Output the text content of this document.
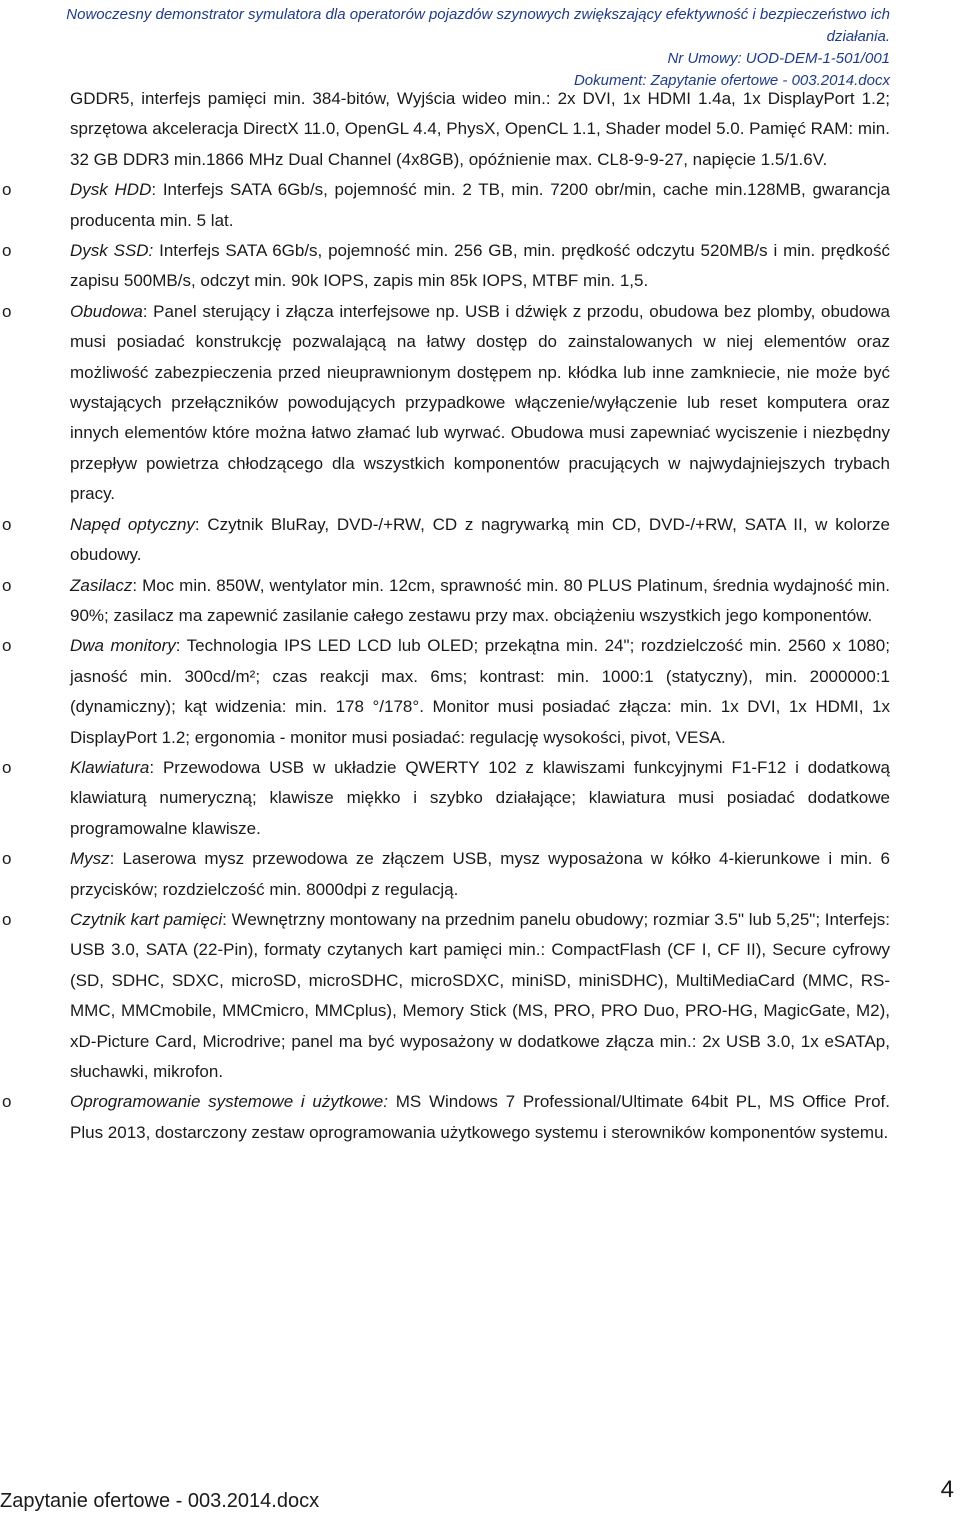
Nowoczesny demonstrator symulatora dla operatorów pojazdów szynowych zwiększający efektywność i bezpieczeństwo ich działania.
Nr Umowy: UOD-DEM-1-501/001
Dokument: Zapytanie ofertowe - 003.2014.docx
GDDR5, interfejs pamięci min. 384-bitów, Wyjścia wideo min.: 2x DVI, 1x HDMI 1.4a, 1x DisplayPort 1.2; sprzętowa akceleracja DirectX 11.0, OpenGL 4.4, PhysX, OpenCL 1.1, Shader model 5.0. Pamięć RAM: min. 32 GB DDR3 min.1866 MHz Dual Channel (4x8GB), opóźnienie max. CL8-9-9-27, napięcie 1.5/1.6V.
o	Dysk HDD: Interfejs SATA 6Gb/s, pojemność min. 2 TB, min. 7200 obr/min, cache min.128MB, gwarancja producenta min. 5 lat.
o	Dysk SSD: Interfejs SATA 6Gb/s, pojemność min. 256 GB, min. prędkość odczytu 520MB/s i min. prędkość zapisu 500MB/s, odczyt min. 90k IOPS, zapis min 85k IOPS, MTBF min. 1,5.
o	Obudowa: Panel sterujący i złącza interfejsowe np. USB i dźwięk z przodu, obudowa bez plomby, obudowa musi posiadać konstrukcję pozwalającą na łatwy dostęp do zainstalowanych w niej elementów oraz możliwość zabezpieczenia przed nieuprawnionym dostępem np. kłódka lub inne zamkniecie, nie może być wystających przełączników powodujących przypadkowe włączenie/wyłączenie lub reset komputera oraz innych elementów które można łatwo złamać lub wyrwać. Obudowa musi zapewniać wyciszenie i niezbędny przepływ powietrza chłodzącego dla wszystkich komponentów pracujących w najwydajniejszych trybach pracy.
o	Napęd optyczny: Czytnik BluRay, DVD-/+RW, CD z nagrywarką min CD, DVD-/+RW, SATA II, w kolorze obudowy.
o	Zasilacz: Moc min. 850W, wentylator min. 12cm, sprawność min. 80 PLUS Platinum, średnia wydajność min. 90%; zasilacz ma zapewnić zasilanie całego zestawu przy max. obciążeniu wszystkich jego komponentów.
o	Dwa monitory: Technologia IPS LED LCD lub OLED; przekątna min. 24"; rozdzielczość min. 2560 x 1080; jasność min. 300cd/m²; czas reakcji max. 6ms; kontrast: min. 1000:1 (statyczny), min. 2000000:1 (dynamiczny); kąt widzenia: min. 178 °/178°. Monitor musi posiadać złącza: min. 1x DVI, 1x HDMI, 1x DisplayPort 1.2; ergonomia - monitor musi posiadać: regulację wysokości, pivot, VESA.
o	Klawiatura: Przewodowa USB w układzie QWERTY 102 z klawiszami funkcyjnymi F1-F12 i dodatkową klawiaturą numeryczną; klawisze miękko i szybko działające; klawiatura musi posiadać dodatkowe programowalne klawisze.
o	Mysz: Laserowa mysz przewodowa ze złączem USB, mysz wyposażona w kółko 4-kierunkowe i min. 6 przycisków; rozdzielczość min. 8000dpi z regulacją.
o	Czytnik kart pamięci: Wewnętrzny montowany na przednim panelu obudowy; rozmiar 3.5" lub 5,25"; Interfejs: USB 3.0, SATA (22-Pin), formaty czytanych kart pamięci min.: CompactFlash (CF I, CF II), Secure cyfrowy (SD, SDHC, SDXC, microSD, microSDHC, microSDXC, miniSD, miniSDHC), MultiMediaCard (MMC, RS-MMC, MMCmobile, MMCmicro, MMCplus), Memory Stick (MS, PRO, PRO Duo, PRO-HG, MagicGate, M2), xD-Picture Card, Microdrive; panel ma być wyposażony w dodatkowe złącza min.: 2x USB 3.0, 1x eSATAp, słuchawki, mikrofon.
o	Oprogramowanie systemowe i użytkowe: MS Windows 7 Professional/Ultimate 64bit PL, MS Office Prof. Plus 2013, dostarczony zestaw oprogramowania użytkowego systemu i sterowników komponentów systemu.
Zapytanie ofertowe - 003.2014.docx	4
